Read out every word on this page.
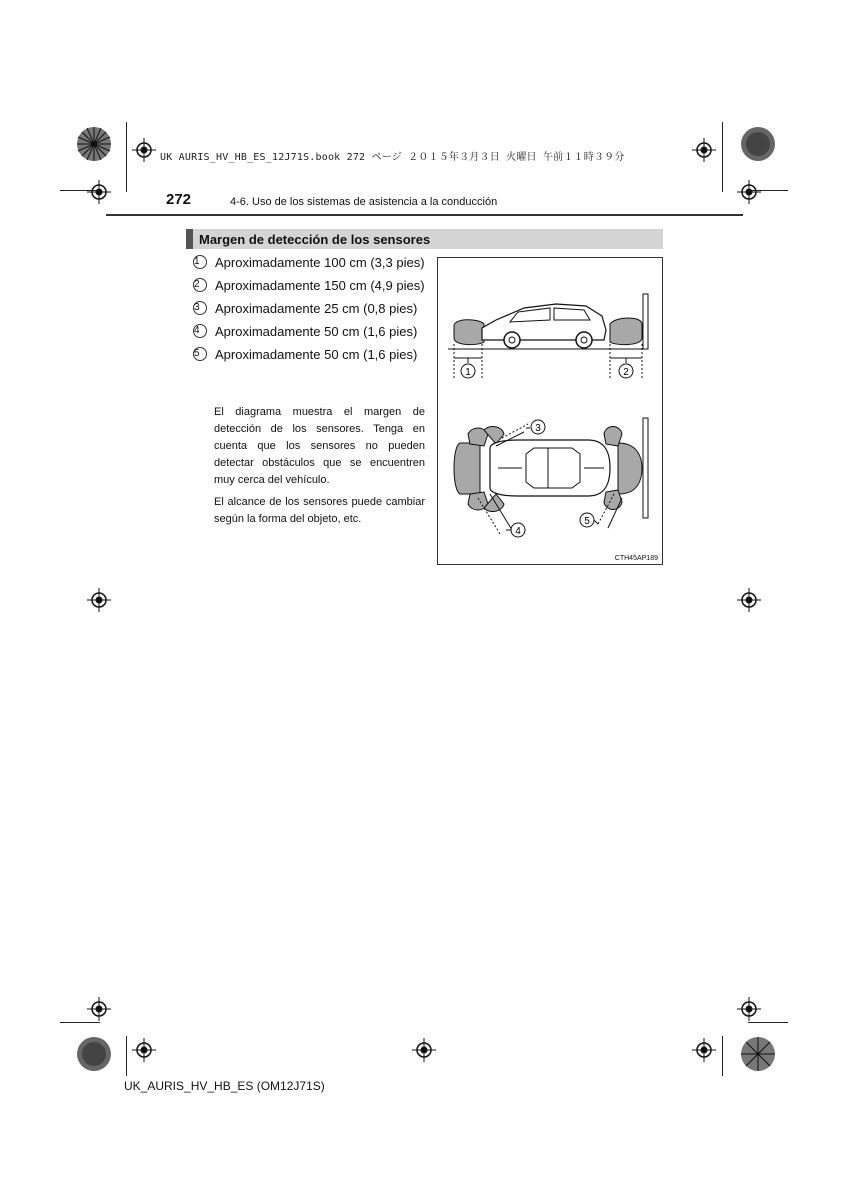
UK AURIS_HV_HB_ES_12J71S.book 272 ページ ２０１５年３月３日 火曜日 午前１１時３９分
272	4-6. Uso de los sistemas de asistencia a la conducción
Margen de detección de los sensores
1	Aproximadamente 100 cm (3,3 pies)
2	Aproximadamente 150 cm (4,9 pies)
3	Aproximadamente 25 cm (0,8 pies)
4	Aproximadamente 50 cm (1,6 pies)
5	Aproximadamente 50 cm (1,6 pies)
El diagrama muestra el margen de detección de los sensores. Tenga en cuenta que los sensores no pueden detectar obstáculos que se encuentren muy cerca del vehículo.
El alcance de los sensores puede cambiar según la forma del objeto, etc.
1	2
3
4
5
CTH45AP189
UK_AURIS_HV_HB_ES (OM12J71S)
